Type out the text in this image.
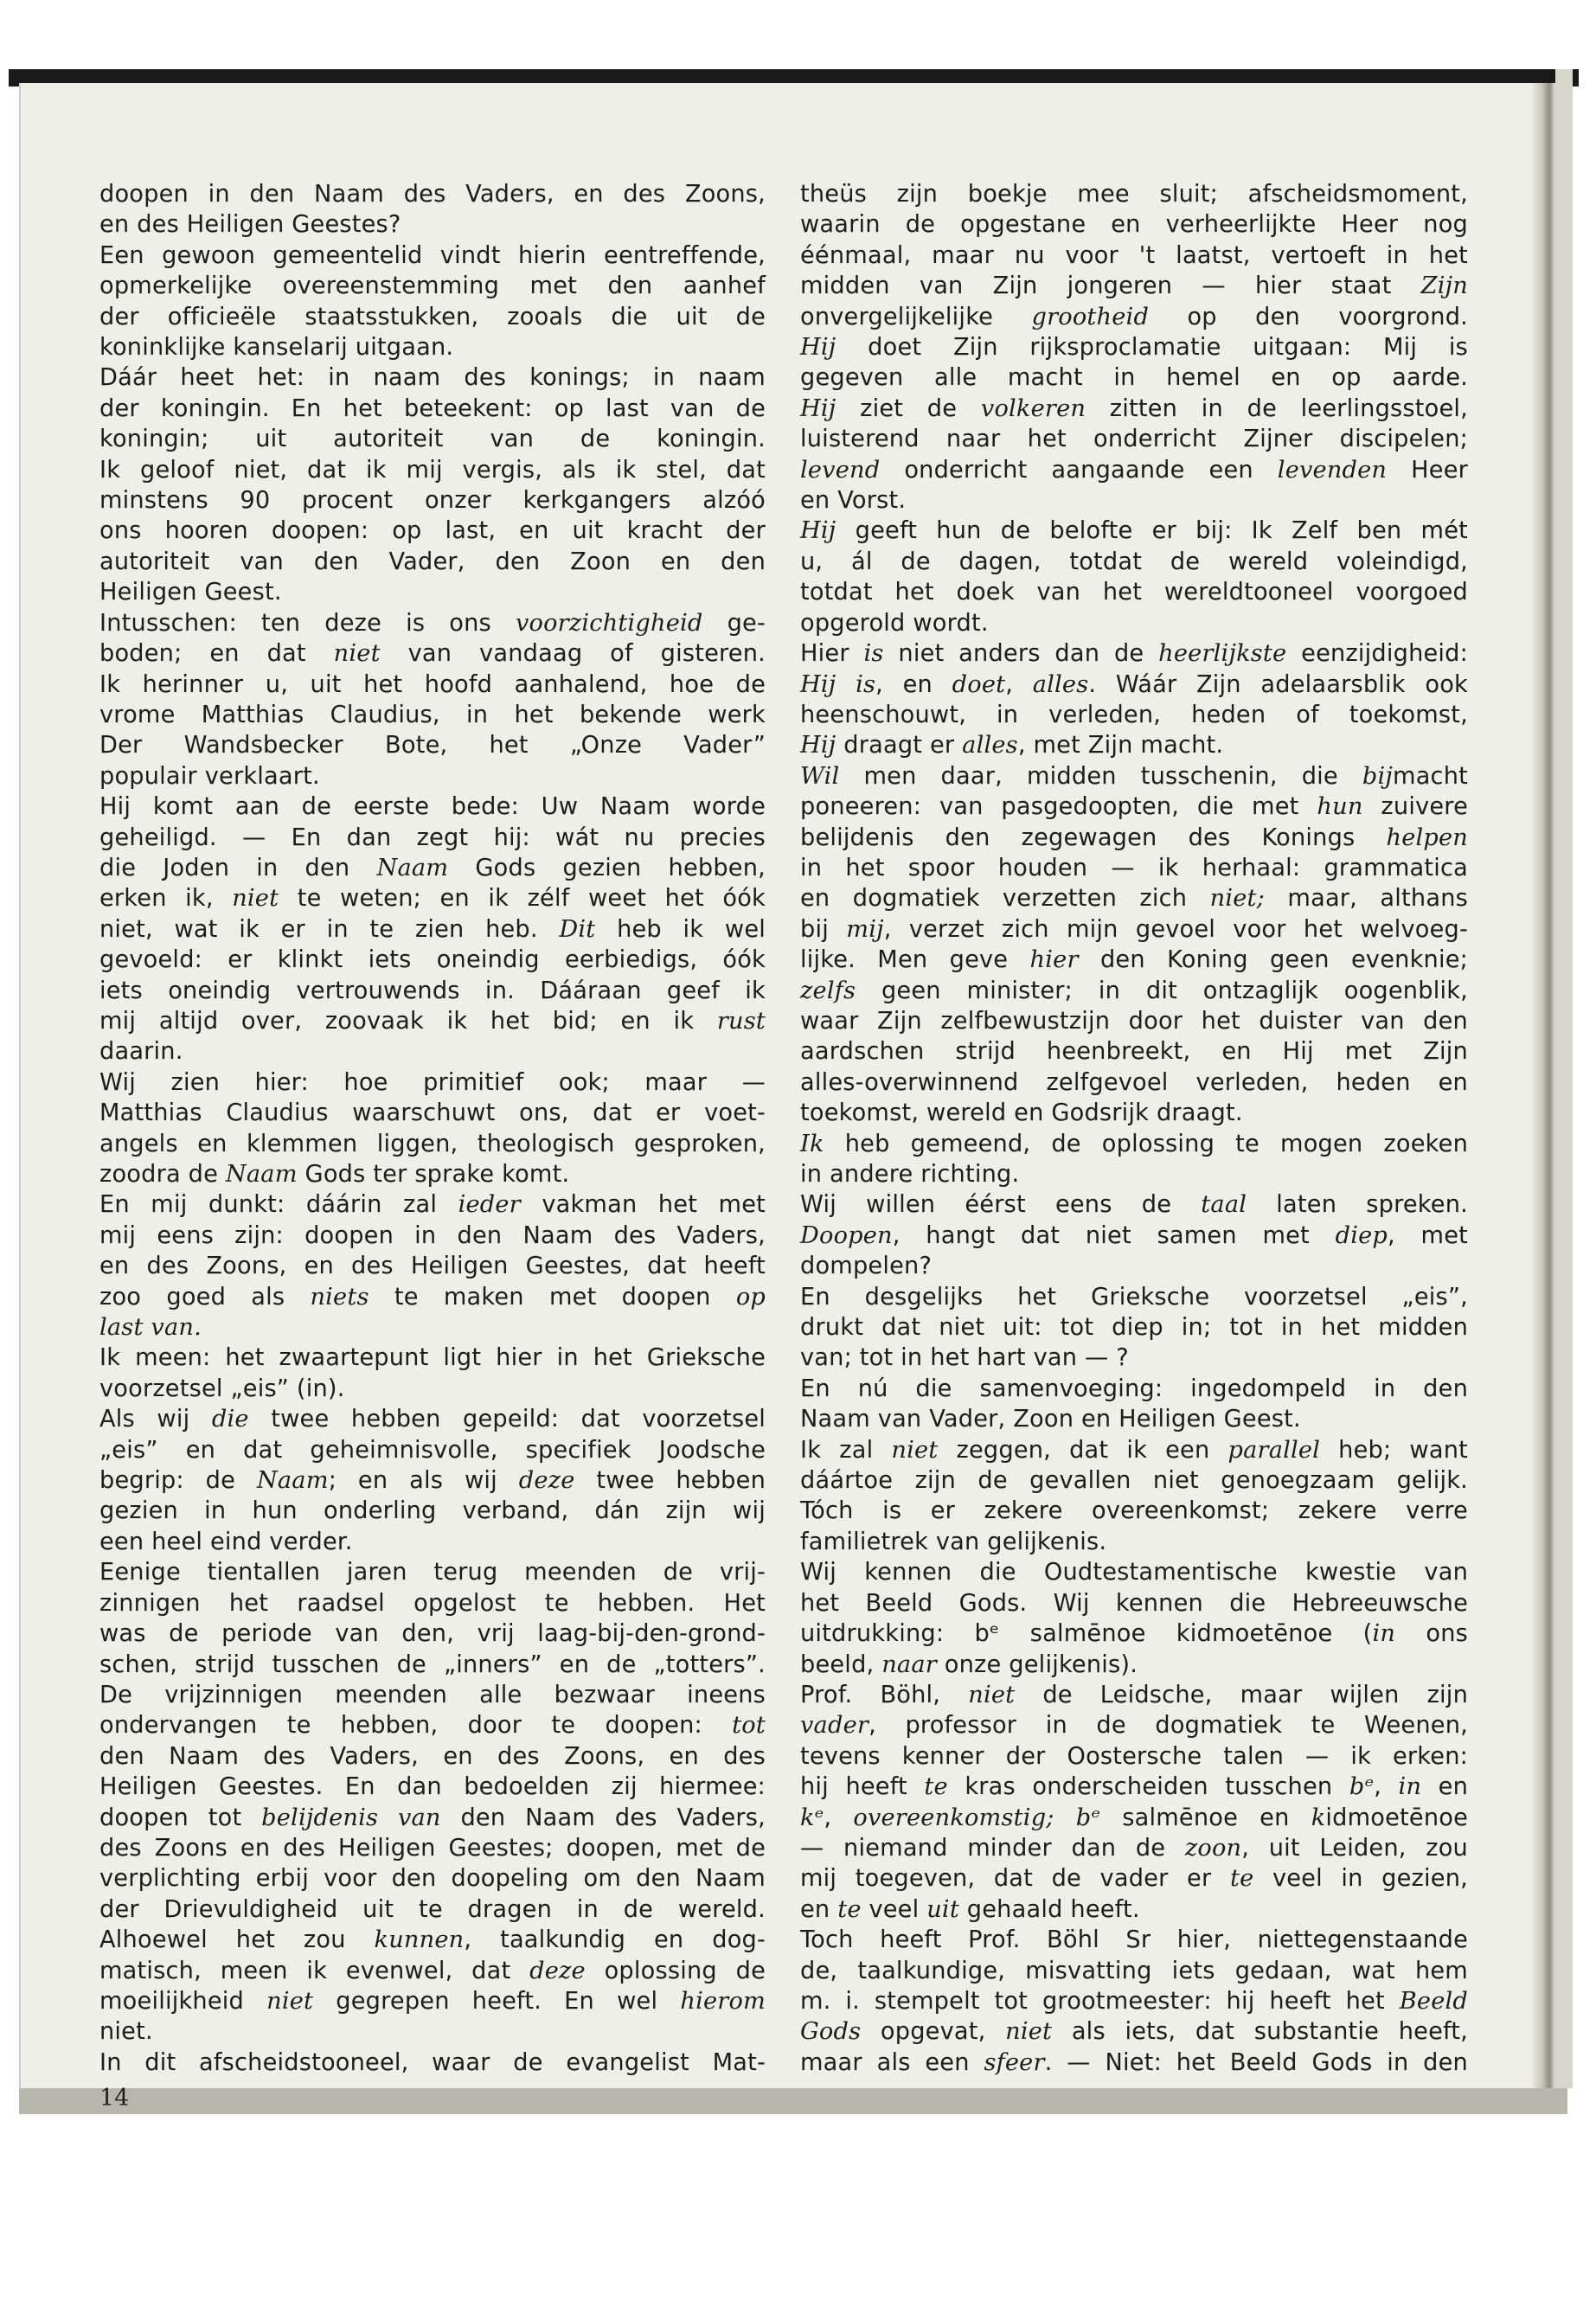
doopen in den Naam des Vaders, en des Zoons,
en des Heiligen Geestes?
Een gewoon gemeentelid vindt hierin eentreffende,
opmerkelijke overeenstemming met den aanhef
der officieële staatsstukken, zooals die uit de
koninklijke kanselarij uitgaan.
Dáár heet het: in naam des konings; in naam
der koningin. En het beteekent: op last van de
koningin; uit autoriteit van de koningin.
Ik geloof niet, dat ik mij vergis, als ik stel, dat
minstens 90 procent onzer kerkgangers alzóó
ons hooren doopen: op last, en uit kracht der
autoriteit van den Vader, den Zoon en den
Heiligen Geest.
Intusschen: ten deze is ons voorzichtigheid ge-
boden; en dat niet van vandaag of gisteren.
Ik herinner u, uit het hoofd aanhalend, hoe de
vrome Matthias Claudius, in het bekende werk
Der Wandsbecker Bote, het „Onze Vader”
populair verklaart.
Hij komt aan de eerste bede: Uw Naam worde
geheiligd. — En dan zegt hij: wát nu precies
die Joden in den Naam Gods gezien hebben,
erken ik, niet te weten; en ik zélf weet het óók
niet, wat ik er in te zien heb. Dit heb ik wel
gevoeld: er klinkt iets oneindig eerbiedigs, óók
iets oneindig vertrouwends in. Dááraan geef ik
mij altijd over, zoovaak ik het bid; en ik rust
daarin.
Wij zien hier: hoe primitief ook; maar —
Matthias Claudius waarschuwt ons, dat er voet-
angels en klemmen liggen, theologisch gesproken,
zoodra de Naam Gods ter sprake komt.
En mij dunkt: dáárin zal ieder vakman het met
mij eens zijn: doopen in den Naam des Vaders,
en des Zoons, en des Heiligen Geestes, dat heeft
zoo goed als niets te maken met doopen op
last van.
Ik meen: het zwaartepunt ligt hier in het Grieksche
voorzetsel „eis” (in).
Als wij die twee hebben gepeild: dat voorzetsel
„eis” en dat geheimnisvolle, specifiek Joodsche
begrip: de Naam; en als wij deze twee hebben
gezien in hun onderling verband, dán zijn wij
een heel eind verder.
Eenige tientallen jaren terug meenden de vrij-
zinnigen het raadsel opgelost te hebben. Het
was de periode van den, vrij laag-bij-den-grond-
schen, strijd tusschen de „inners” en de „totters”.
De vrijzinnigen meenden alle bezwaar ineens
ondervangen te hebben, door te doopen: tot
den Naam des Vaders, en des Zoons, en des
Heiligen Geestes. En dan bedoelden zij hiermee:
doopen tot belijdenis van den Naam des Vaders,
des Zoons en des Heiligen Geestes; doopen, met de
verplichting erbij voor den doopeling om den Naam
der Drievuldigheid uit te dragen in de wereld.
Alhoewel het zou kunnen, taalkundig en dog-
matisch, meen ik evenwel, dat deze oplossing de
moeilijkheid niet gegrepen heeft. En wel hierom
niet.
In dit afscheidstooneel, waar de evangelist Mat-
theüs zijn boekje mee sluit; afscheidsmoment,
waarin de opgestane en verheerlijkte Heer nog
éénmaal, maar nu voor 't laatst, vertoeft in het
midden van Zijn jongeren — hier staat Zijn
onvergelijkelijke grootheid op den voorgrond.
Hij doet Zijn rijksproclamatie uitgaan: Mij is
gegeven alle macht in hemel en op aarde.
Hij ziet de volkeren zitten in de leerlingsstoel,
luisterend naar het onderricht Zijner discipelen;
levend onderricht aangaande een levenden Heer
en Vorst.
Hij geeft hun de belofte er bij: Ik Zelf ben mét
u, ál de dagen, totdat de wereld voleindigd,
totdat het doek van het wereldtooneel voorgoed
opgerold wordt.
Hier is niet anders dan de heerlijkste eenzijdigheid:
Hij is, en doet, alles. Wáár Zijn adelaarsblik ook
heenschouwt, in verleden, heden of toekomst,
Hij draagt er alles, met Zijn macht.
Wil men daar, midden tusschenin, die bijmacht
poneeren: van pasgedoopten, die met hun zuivere
belijdenis den zegewagen des Konings helpen
in het spoor houden — ik herhaal: grammatica
en dogmatiek verzetten zich niet; maar, althans
bij mij, verzet zich mijn gevoel voor het welvoeg-
lijke. Men geve hier den Koning geen evenknie;
zelfs geen minister; in dit ontzaglijk oogenblik,
waar Zijn zelfbewustzijn door het duister van den
aardschen strijd heenbreekt, en Hij met Zijn
alles-overwinnend zelfgevoel verleden, heden en
toekomst, wereld en Godsrijk draagt.
Ik heb gemeend, de oplossing te mogen zoeken
in andere richting.
Wij willen éérst eens de taal laten spreken.
Doopen, hangt dat niet samen met diep, met
dompelen?
En desgelijks het Grieksche voorzetsel „eis”,
drukt dat niet uit: tot diep in; tot in het midden
van; tot in het hart van — ?
En nú die samenvoeging: ingedompeld in den
Naam van Vader, Zoon en Heiligen Geest.
Ik zal niet zeggen, dat ik een parallel heb; want
dáártoe zijn de gevallen niet genoegzaam gelijk.
Tóch is er zekere overeenkomst; zekere verre
familietrek van gelijkenis.
Wij kennen die Oudtestamentische kwestie van
het Beeld Gods. Wij kennen die Hebreeuwsche
uitdrukking: bᵉ salmēnoe kidmoetēnoe (in ons
beeld, naar onze gelijkenis).
Prof. Böhl, niet de Leidsche, maar wijlen zijn
vader, professor in de dogmatiek te Weenen,
tevens kenner der Oostersche talen — ik erken:
hij heeft te kras onderscheiden tusschen bᵉ, in en
kᵉ, overeenkomstig; bᵉ salmēnoe en kidmoetēnoe
— niemand minder dan de zoon, uit Leiden, zou
mij toegeven, dat de vader er te veel in gezien,
en te veel uit gehaald heeft.
Toch heeft Prof. Böhl Sr hier, niettegenstaande
de, taalkundige, misvatting iets gedaan, wat hem
m. i. stempelt tot grootmeester: hij heeft het Beeld
Gods opgevat, niet als iets, dat substantie heeft,
maar als een sfeer. — Niet: het Beeld Gods in den
14
